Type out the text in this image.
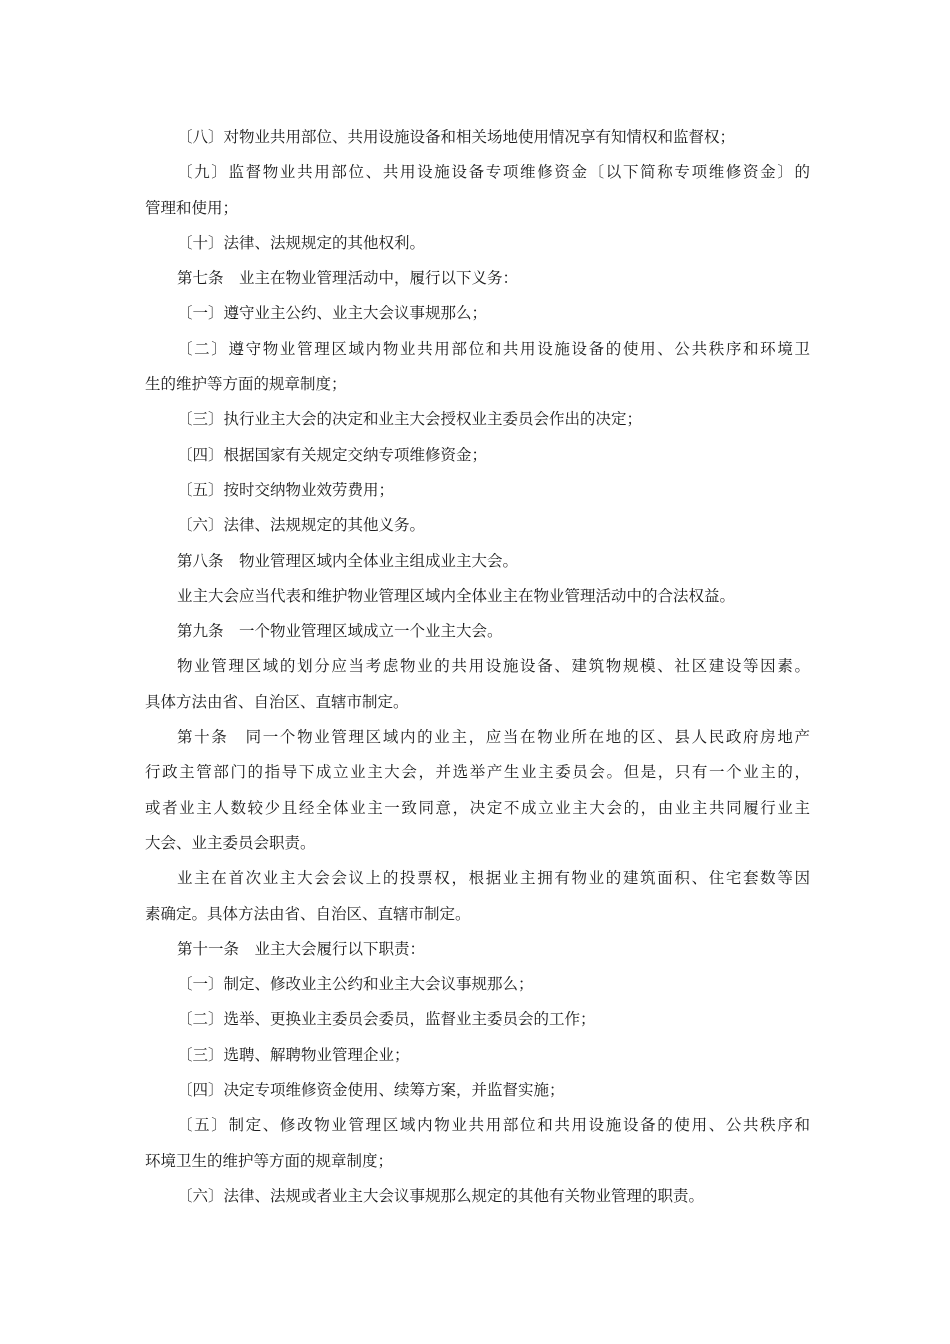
〔八〕对物业共用部位、共用设施设备和相关场地使用情况享有知情权和监督权；
〔九〕监督物业共用部位、共用设施设备专项维修资金〔以下简称专项维修资金〕的
管理和使用；
〔十〕法律、法规规定的其他权利。
第七条　业主在物业管理活动中，履行以下义务：
〔一〕遵守业主公约、业主大会议事规那么；
〔二〕遵守物业管理区域内物业共用部位和共用设施设备的使用、公共秩序和环境卫
生的维护等方面的规章制度；
〔三〕执行业主大会的决定和业主大会授权业主委员会作出的决定；
〔四〕根据国家有关规定交纳专项维修资金；
〔五〕按时交纳物业效劳费用；
〔六〕法律、法规规定的其他义务。
第八条　物业管理区域内全体业主组成业主大会。
业主大会应当代表和维护物业管理区域内全体业主在物业管理活动中的合法权益。
第九条　一个物业管理区域成立一个业主大会。
物业管理区域的划分应当考虑物业的共用设施设备、建筑物规模、社区建设等因素。
具体方法由省、自治区、直辖市制定。
第十条　同一个物业管理区域内的业主，应当在物业所在地的区、县人民政府房地产
行政主管部门的指导下成立业主大会，并选举产生业主委员会。但是，只有一个业主的，
或者业主人数较少且经全体业主一致同意，决定不成立业主大会的，由业主共同履行业主
大会、业主委员会职责。
业主在首次业主大会会议上的投票权，根据业主拥有物业的建筑面积、住宅套数等因
素确定。具体方法由省、自治区、直辖市制定。
第十一条　业主大会履行以下职责：
〔一〕制定、修改业主公约和业主大会议事规那么；
〔二〕选举、更换业主委员会委员，监督业主委员会的工作；
〔三〕选聘、解聘物业管理企业；
〔四〕决定专项维修资金使用、续筹方案，并监督实施；
〔五〕制定、修改物业管理区域内物业共用部位和共用设施设备的使用、公共秩序和
环境卫生的维护等方面的规章制度；
〔六〕法律、法规或者业主大会议事规那么规定的其他有关物业管理的职责。
